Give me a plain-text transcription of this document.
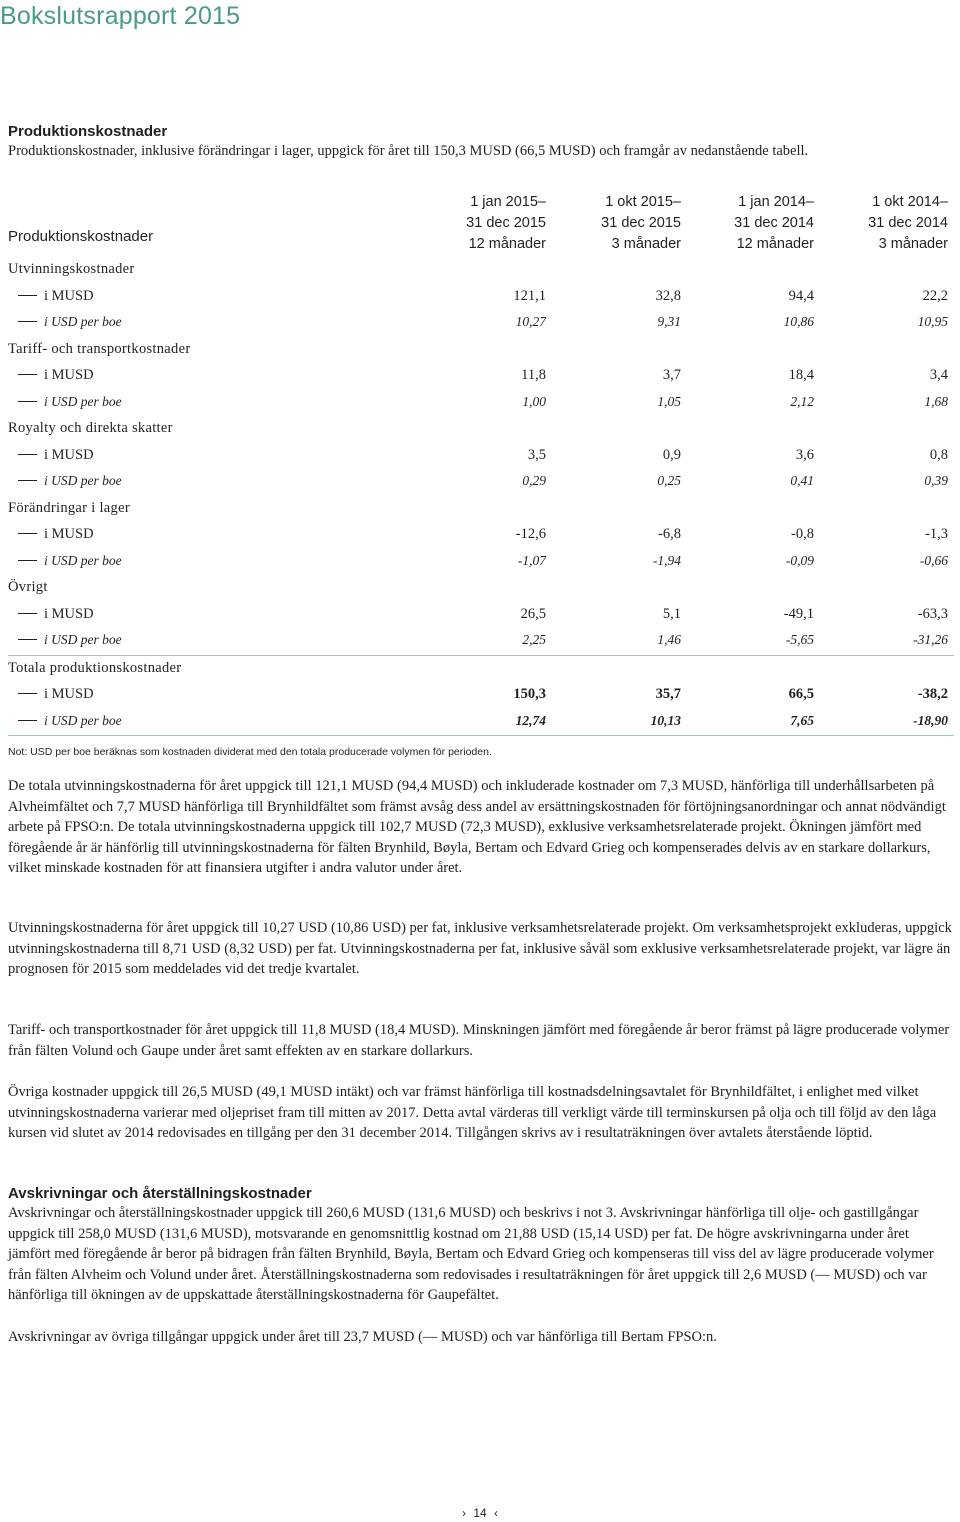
Bokslutsrapport 2015
Produktionskostnader
Produktionskostnader, inklusive förändringar i lager, uppgick för året till 150,3 MUSD (66,5 MUSD) och framgår av nedanstående tabell.
Produktionskostnader
1 jan 2015–
31 dec 2015
12 månader
1 okt 2015–
31 dec 2015
3 månader
1 jan 2014–
31 dec 2014
12 månader
1 okt 2014–
31 dec 2014
3 månader
Utvinningskostnader
i MUSD	121,1	32,8	94,4	22,2
i USD per boe	10,27	9,31	10,86	10,95
Tariff- och transportkostnader
i MUSD	11,8	3,7	18,4	3,4
i USD per boe	1,00	1,05	2,12	1,68
Royalty och direkta skatter
i MUSD	3,5	0,9	3,6	0,8
i USD per boe	0,29	0,25	0,41	0,39
Förändringar i lager
i MUSD	-12,6	-6,8	-0,8	-1,3
i USD per boe	-1,07	-1,94	-0,09	-0,66
Övrigt
i MUSD	26,5	5,1	-49,1	-63,3
i USD per boe	2,25	1,46	-5,65	-31,26
Totala produktionskostnader
i MUSD	150,3	35,7	66,5	-38,2
i USD per boe	12,74	10,13	7,65	-18,90
Not: USD per boe beräknas som kostnaden dividerat med den totala producerade volymen för perioden.
De totala utvinningskostnaderna för året uppgick till 121,1 MUSD (94,4 MUSD) och inkluderade kostnader om 7,3 MUSD, hänförliga till underhållsarbeten på Alvheimfältet och 7,7 MUSD hänförliga till Brynhildfältet som främst avsåg dess andel av ersättningskostnaden för förtöjningsanordningar och annat nödvändigt arbete på FPSO:n. De totala utvinningskostnaderna uppgick till 102,7 MUSD (72,3 MUSD), exklusive verksamhetsrelaterade projekt. Ökningen jämfört med föregående år är hänförlig till utvinningskostnaderna för fälten Brynhild, Bøyla, Bertam och Edvard Grieg och kompenserades delvis av en starkare dollarkurs, vilket minskade kostnaden för att finansiera utgifter i andra valutor under året.
Utvinningskostnaderna för året uppgick till 10,27 USD (10,86 USD) per fat, inklusive verksamhetsrelaterade projekt. Om verksamhetsprojekt exkluderas, uppgick utvinningskostnaderna till 8,71 USD (8,32 USD) per fat. Utvinningskostnaderna per fat, inklusive såväl som exklusive verksamhetsrelaterade projekt, var lägre än prognosen för 2015 som meddelades vid det tredje kvartalet.
Tariff- och transportkostnader för året uppgick till 11,8 MUSD (18,4 MUSD). Minskningen jämfört med föregående år beror främst på lägre producerade volymer från fälten Volund och Gaupe under året samt effekten av en starkare dollarkurs.
Övriga kostnader uppgick till 26,5 MUSD (49,1 MUSD intäkt) och var främst hänförliga till kostnadsdelningsavtalet för Brynhildfältet, i enlighet med vilket utvinningskostnaderna varierar med oljepriset fram till mitten av 2017. Detta avtal värderas till verkligt värde till terminskursen på olja och till följd av den låga kursen vid slutet av 2014 redovisades en tillgång per den 31 december 2014. Tillgången skrivs av i resultaträkningen över avtalets återstående löptid.
Avskrivningar och återställningskostnader
Avskrivningar och återställningskostnader uppgick till 260,6 MUSD (131,6 MUSD) och beskrivs i not 3. Avskrivningar hänförliga till olje- och gastillgångar uppgick till 258,0 MUSD (131,6 MUSD), motsvarande en genomsnittlig kostnad om 21,88 USD (15,14 USD) per fat. De högre avskrivningarna under året jämfört med föregående år beror på bidragen från fälten Brynhild, Bøyla, Bertam och Edvard Grieg och kompenseras till viss del av lägre producerade volymer från fälten Alvheim och Volund under året. Återställningskostnaderna som redovisades i resultaträkningen för året uppgick till 2,6 MUSD (— MUSD) och var hänförliga till ökningen av de uppskattade återställningskostnaderna för Gaupefältet.
Avskrivningar av övriga tillgångar uppgick under året till 23,7 MUSD (— MUSD) och var hänförliga till Bertam FPSO:n.
› 14 ‹
